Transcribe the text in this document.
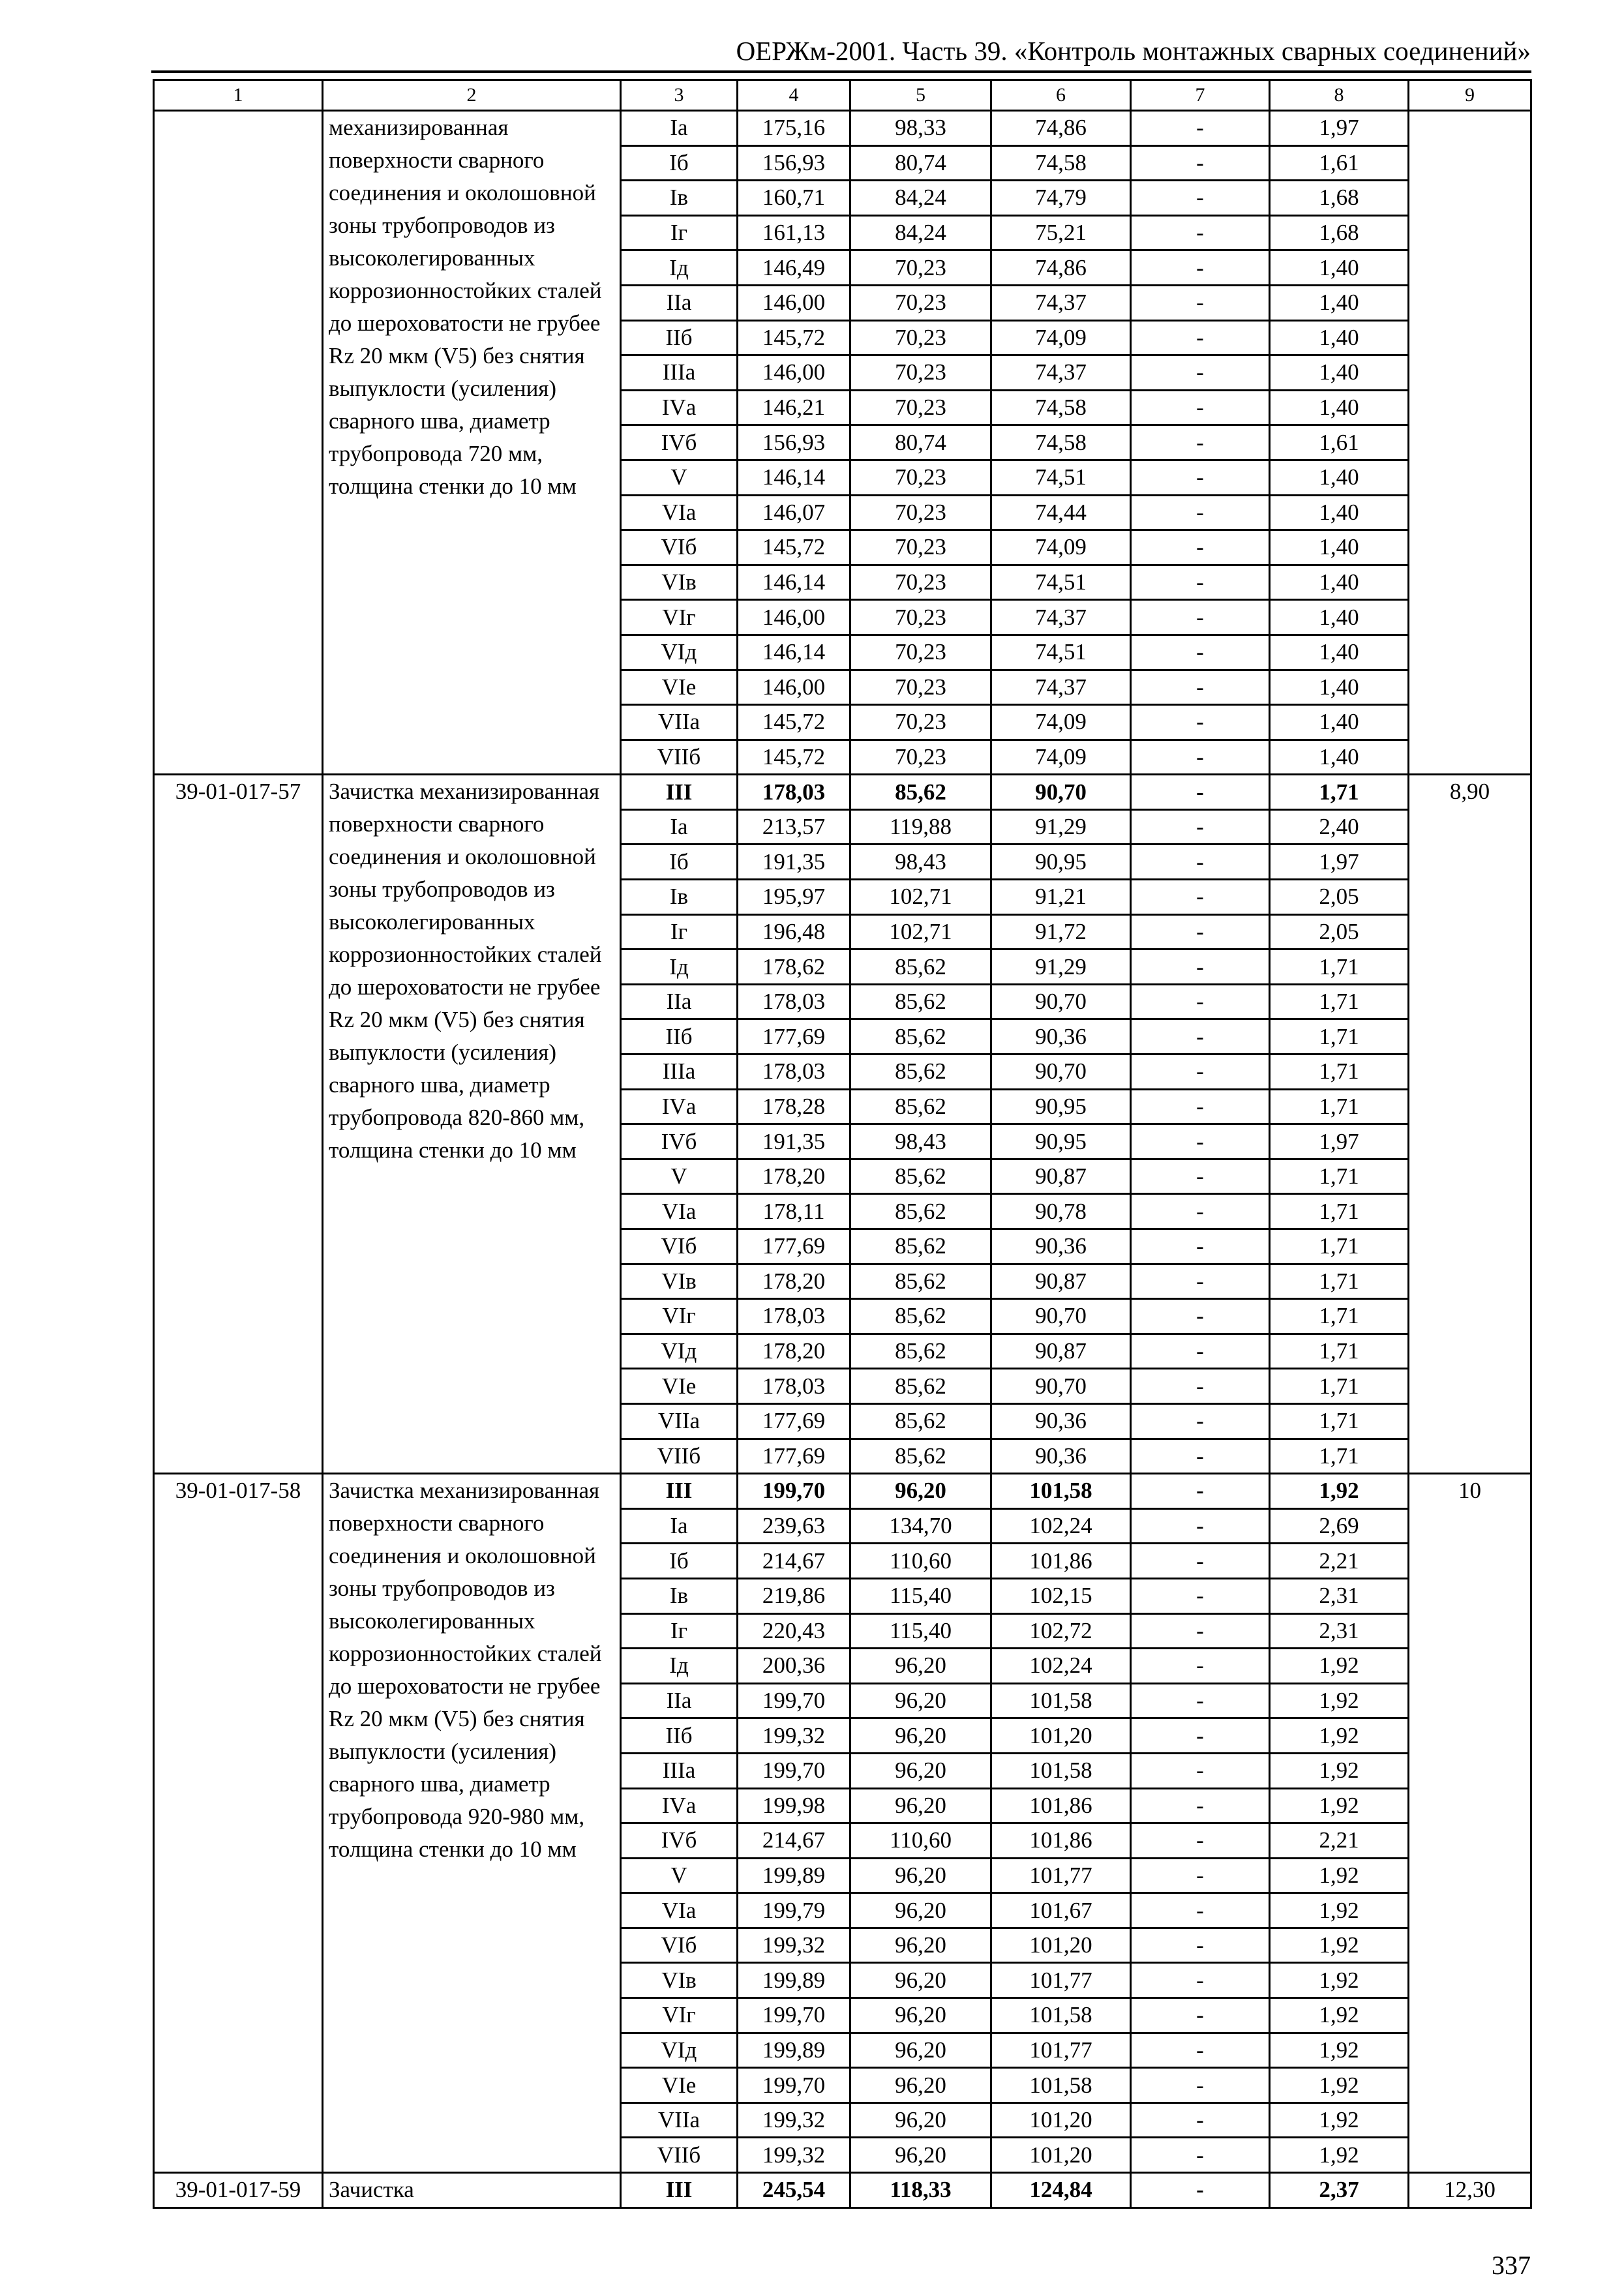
ОЕРЖм-2001. Часть 39. «Контроль монтажных сварных соединений»
1	2	3	4	5	6	7	8	9
	механизированная поверхности сварного соединения и околошовной зоны трубопроводов из высоколегированных коррозионностойких сталей до шероховатости не грубее Rz 20 мкм (V5) без снятия выпуклости (усиления) сварного шва, диаметр трубопровода 720 мм, толщина стенки до 10 мм	Iа	175,16	98,33	74,86	-	1,97	
		Iб	156,93	80,74	74,58	-	1,61	
		Iв	160,71	84,24	74,79	-	1,68	
		Iг	161,13	84,24	75,21	-	1,68	
		Iд	146,49	70,23	74,86	-	1,40	
		IIа	146,00	70,23	74,37	-	1,40	
		IIб	145,72	70,23	74,09	-	1,40	
		IIIа	146,00	70,23	74,37	-	1,40	
		IVа	146,21	70,23	74,58	-	1,40	
		IVб	156,93	80,74	74,58	-	1,61	
		V	146,14	70,23	74,51	-	1,40	
		VIа	146,07	70,23	74,44	-	1,40	
		VIб	145,72	70,23	74,09	-	1,40	
		VIв	146,14	70,23	74,51	-	1,40	
		VIг	146,00	70,23	74,37	-	1,40	
		VIд	146,14	70,23	74,51	-	1,40	
		VIе	146,00	70,23	74,37	-	1,40	
		VIIа	145,72	70,23	74,09	-	1,40	
		VIIб	145,72	70,23	74,09	-	1,40	
39-01-017-57	Зачистка механизированная поверхности сварного соединения и околошовной зоны трубопроводов из высоколегированных коррозионностойких сталей до шероховатости не грубее Rz 20 мкм (V5) без снятия выпуклости (усиления) сварного шва, диаметр трубопровода 820-860 мм, толщина стенки до 10 мм	III	178,03	85,62	90,70	-	1,71	8,90
		Iа	213,57	119,88	91,29	-	2,40	
		Iб	191,35	98,43	90,95	-	1,97	
		Iв	195,97	102,71	91,21	-	2,05	
		Iг	196,48	102,71	91,72	-	2,05	
		Iд	178,62	85,62	91,29	-	1,71	
		IIа	178,03	85,62	90,70	-	1,71	
		IIб	177,69	85,62	90,36	-	1,71	
		IIIа	178,03	85,62	90,70	-	1,71	
		IVа	178,28	85,62	90,95	-	1,71	
		IVб	191,35	98,43	90,95	-	1,97	
		V	178,20	85,62	90,87	-	1,71	
		VIа	178,11	85,62	90,78	-	1,71	
		VIб	177,69	85,62	90,36	-	1,71	
		VIв	178,20	85,62	90,87	-	1,71	
		VIг	178,03	85,62	90,70	-	1,71	
		VIд	178,20	85,62	90,87	-	1,71	
		VIе	178,03	85,62	90,70	-	1,71	
		VIIа	177,69	85,62	90,36	-	1,71	
		VIIб	177,69	85,62	90,36	-	1,71	
39-01-017-58	Зачистка механизированная поверхности сварного соединения и околошовной зоны трубопроводов из высоколегированных коррозионностойких сталей до шероховатости не грубее Rz 20 мкм (V5) без снятия выпуклости (усиления) сварного шва, диаметр трубопровода 920-980 мм, толщина стенки до 10 мм	III	199,70	96,20	101,58	-	1,92	10
		Iа	239,63	134,70	102,24	-	2,69	
		Iб	214,67	110,60	101,86	-	2,21	
		Iв	219,86	115,40	102,15	-	2,31	
		Iг	220,43	115,40	102,72	-	2,31	
		Iд	200,36	96,20	102,24	-	1,92	
		IIа	199,70	96,20	101,58	-	1,92	
		IIб	199,32	96,20	101,20	-	1,92	
		IIIа	199,70	96,20	101,58	-	1,92	
		IVа	199,98	96,20	101,86	-	1,92	
		IVб	214,67	110,60	101,86	-	2,21	
		V	199,89	96,20	101,77	-	1,92	
		VIа	199,79	96,20	101,67	-	1,92	
		VIб	199,32	96,20	101,20	-	1,92	
		VIв	199,89	96,20	101,77	-	1,92	
		VIг	199,70	96,20	101,58	-	1,92	
		VIд	199,89	96,20	101,77	-	1,92	
		VIе	199,70	96,20	101,58	-	1,92	
		VIIа	199,32	96,20	101,20	-	1,92	
		VIIб	199,32	96,20	101,20	-	1,92	
39-01-017-59	Зачистка	III	245,54	118,33	124,84	-	2,37	12,30
337
